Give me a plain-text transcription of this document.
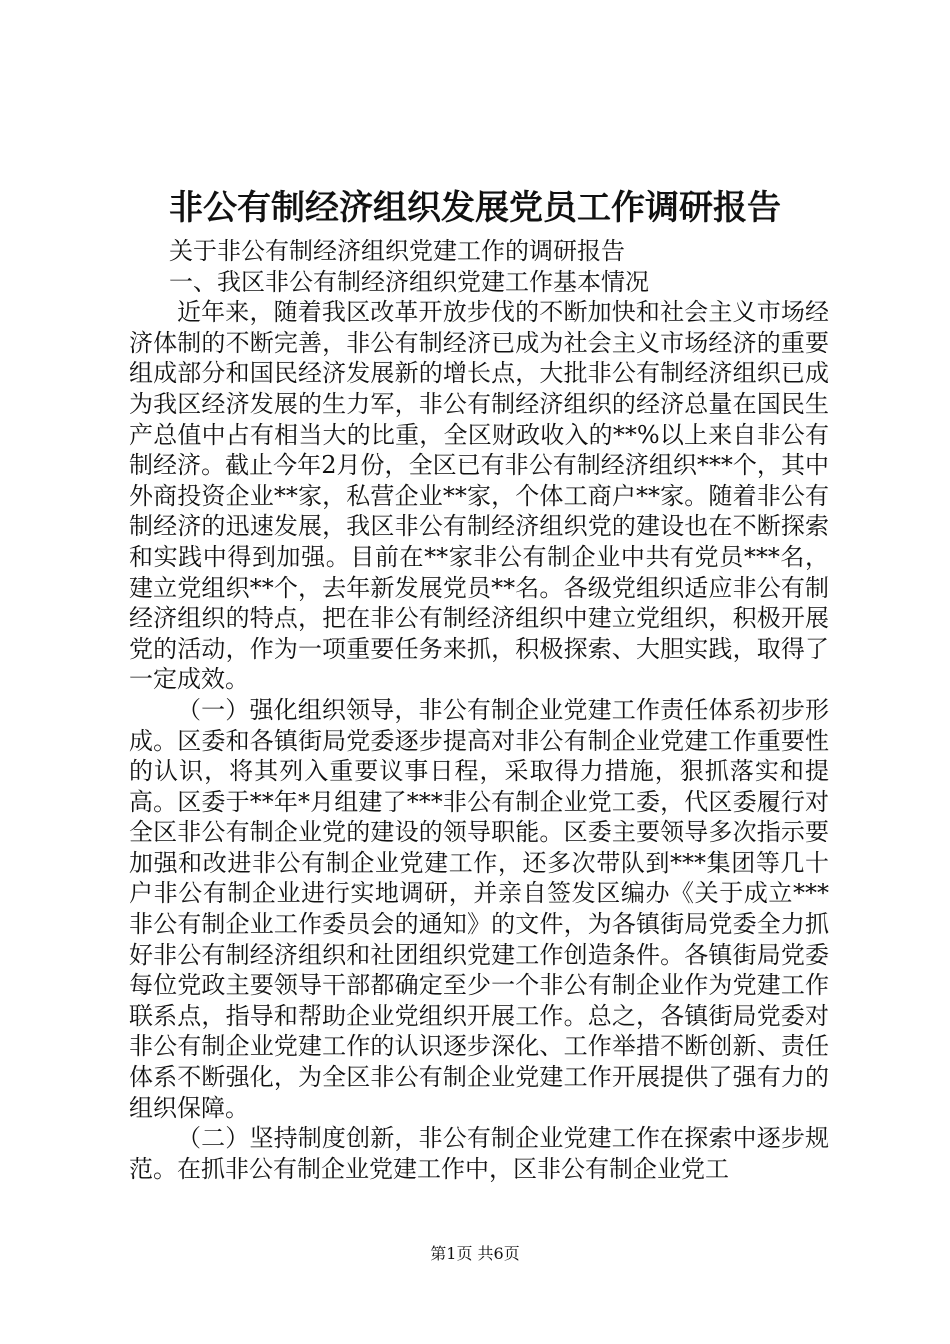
非公有制经济组织发展党员工作调研报告

关于非公有制经济组织党建工作的调研报告

一、我区非公有制经济组织党建工作基本情况

近年来，随着我区改革开放步伐的不断加快和社会主义市场经济体制的不断完善，非公有制经济已成为社会主义市场经济的重要组成部分和国民经济发展新的增长点，大批非公有制经济组织已成为我区经济发展的生力军，非公有制经济组织的经济总量在国民生产总值中占有相当大的比重，全区财政收入的**%以上来自非公有制经济。截止今年2月份，全区已有非公有制经济组织***个，其中外商投资企业**家，私营企业**家，个体工商户**家。随着非公有制经济的迅速发展，我区非公有制经济组织党的建设也在不断探索和实践中得到加强。目前在**家非公有制企业中共有党员***名，建立党组织**个，去年新发展党员**名。各级党组织适应非公有制经济组织的特点，把在非公有制经济组织中建立党组织，积极开展党的活动，作为一项重要任务来抓，积极探索、大胆实践，取得了一定成效。

（一）强化组织领导，非公有制企业党建工作责任体系初步形成。区委和各镇街局党委逐步提高对非公有制企业党建工作重要性的认识，将其列入重要议事日程，采取得力措施，狠抓落实和提高。区委于**年*月组建了***非公有制企业党工委，代区委履行对全区非公有制企业党的建设的领导职能。区委主要领导多次指示要加强和改进非公有制企业党建工作，还多次带队到***集团等几十户非公有制企业进行实地调研，并亲自签发区编办《关于成立***非公有制企业工作委员会的通知》的文件，为各镇街局党委全力抓好非公有制经济组织和社团组织党建工作创造条件。各镇街局党委每位党政主要领导干部都确定至少一个非公有制企业作为党建工作联系点，指导和帮助企业党组织开展工作。总之，各镇街局党委对非公有制企业党建工作的认识逐步深化、工作举措不断创新、责任体系不断强化，为全区非公有制企业党建工作开展提供了强有力的组织保障。

（二）坚持制度创新，非公有制企业党建工作在探索中逐步规范。在抓非公有制企业党建工作中，区非公有制企业党工

第1页 共6页
